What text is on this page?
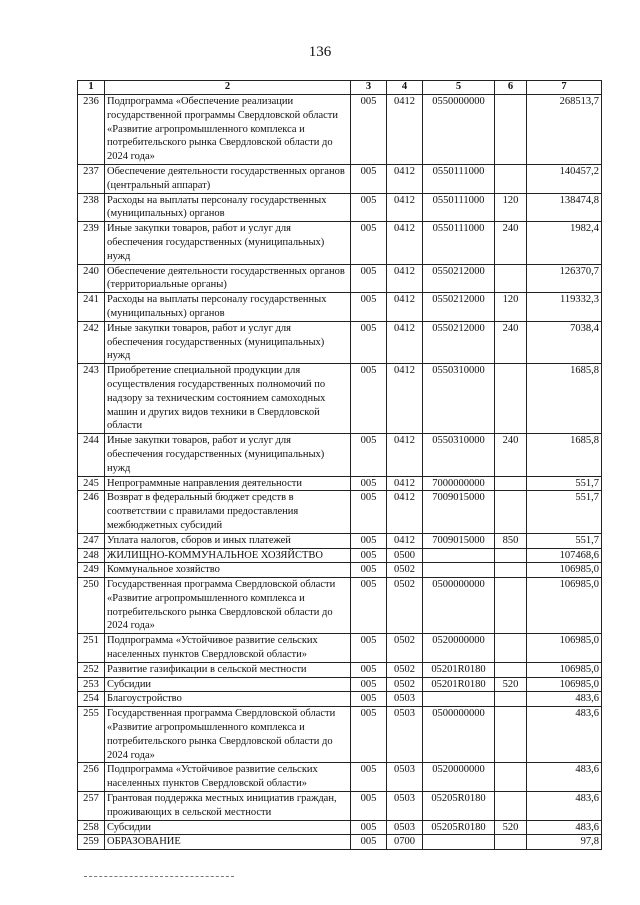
136
1	2	3	4	5	6	7
236	Подпрограмма «Обеспечение реализации государственной программы Свердловской области «Развитие агропромышленного комплекса и потребительского рынка Свердловской области до 2024 года»	005	0412	0550000000		268513,7
237	Обеспечение деятельности государственных органов (центральный аппарат)	005	0412	0550111000		140457,2
238	Расходы на выплаты персоналу государственных (муниципальных) органов	005	0412	0550111000	120	138474,8
239	Иные закупки товаров, работ и услуг для обеспечения государственных (муниципальных) нужд	005	0412	0550111000	240	1982,4
240	Обеспечение деятельности государственных органов (территориальные органы)	005	0412	0550212000		126370,7
241	Расходы на выплаты персоналу государственных (муниципальных) органов	005	0412	0550212000	120	119332,3
242	Иные закупки товаров, работ и услуг для обеспечения государственных (муниципальных) нужд	005	0412	0550212000	240	7038,4
243	Приобретение специальной продукции для осуществления государственных полномочий по надзору за техническим состоянием самоходных машин и других видов техники в Свердловской области	005	0412	0550310000		1685,8
244	Иные закупки товаров, работ и услуг для обеспечения государственных (муниципальных) нужд	005	0412	0550310000	240	1685,8
245	Непрограммные направления деятельности	005	0412	7000000000		551,7
246	Возврат в федеральный бюджет средств в соответствии с правилами предоставления межбюджетных субсидий	005	0412	7009015000		551,7
247	Уплата налогов, сборов и иных платежей	005	0412	7009015000	850	551,7
248	ЖИЛИЩНО-КОММУНАЛЬНОЕ ХОЗЯЙСТВО	005	0500			107468,6
249	Коммунальное хозяйство	005	0502			106985,0
250	Государственная программа Свердловской области «Развитие агропромышленного комплекса и потребительского рынка Свердловской области до 2024 года»	005	0502	0500000000		106985,0
251	Подпрограмма «Устойчивое развитие сельских населенных пунктов Свердловской области»	005	0502	0520000000		106985,0
252	Развитие газификации в сельской местности	005	0502	05201R0180		106985,0
253	Субсидии	005	0502	05201R0180	520	106985,0
254	Благоустройство	005	0503			483,6
255	Государственная программа Свердловской области «Развитие агропромышленного комплекса и потребительского рынка Свердловской области до 2024 года»	005	0503	0500000000		483,6
256	Подпрограмма «Устойчивое развитие сельских населенных пунктов Свердловской области»	005	0503	0520000000		483,6
257	Грантовая поддержка местных инициатив граждан, проживающих в сельской местности	005	0503	05205R0180		483,6
258	Субсидии	005	0503	05205R0180	520	483,6
259	ОБРАЗОВАНИЕ	005	0700			97,8
